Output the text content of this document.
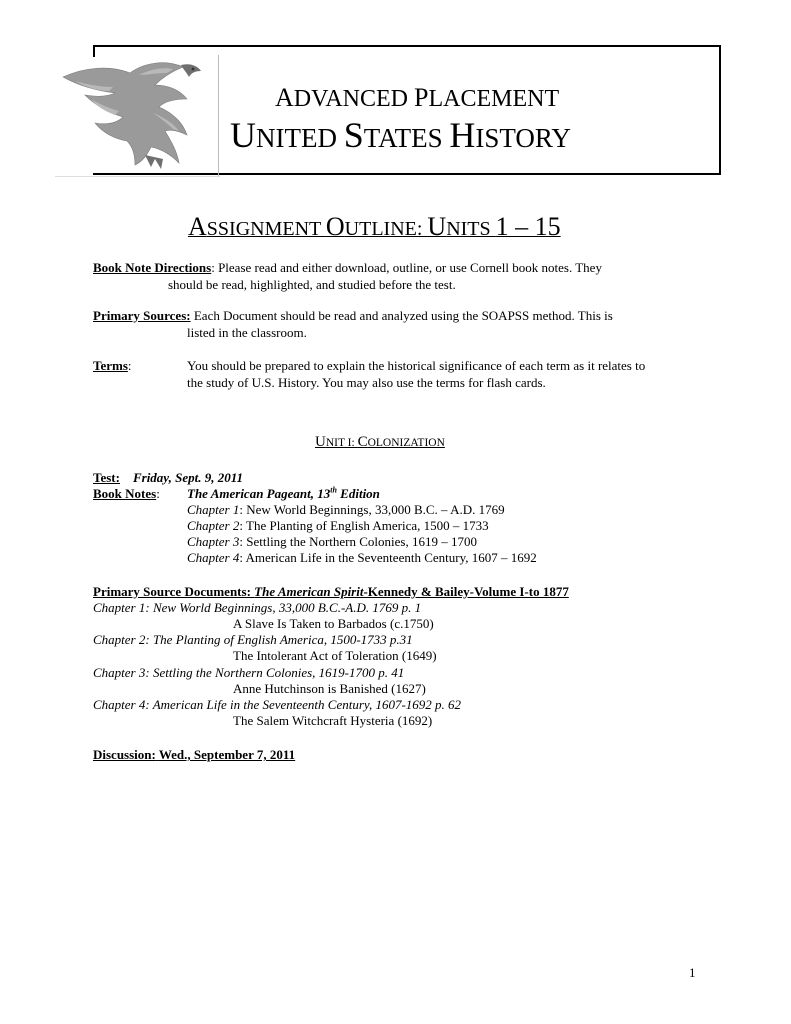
ADVANCED PLACEMENT
UNITED STATES HISTORY
ASSIGNMENT OUTLINE: UNITS 1 – 15
Book Note Directions: Please read and either download, outline, or use Cornell book notes. They
should be read, highlighted, and studied before the test.
Primary Sources: Each Document should be read and analyzed using the SOAPSS method. This is
listed in the classroom.
Terms:	You should be prepared to explain the historical significance of each term as it relates to
the study of U.S. History. You may also use the terms for flash cards.
UNIT I: COLONIZATION
Test: Friday, Sept. 9, 2011
Book Notes: The American Pageant, 13th Edition
Chapter 1: New World Beginnings, 33,000 B.C. – A.D. 1769
Chapter 2: The Planting of English America, 1500 – 1733
Chapter 3: Settling the Northern Colonies, 1619 – 1700
Chapter 4: American Life in the Seventeenth Century, 1607 – 1692
Primary Source Documents: The American Spirit-Kennedy & Bailey-Volume I-to 1877
Chapter 1: New World Beginnings, 33,000 B.C.-A.D. 1769 p. 1
A Slave Is Taken to Barbados (c.1750)
Chapter 2: The Planting of English America, 1500-1733 p.31
The Intolerant Act of Toleration (1649)
Chapter 3: Settling the Northern Colonies, 1619-1700 p. 41
Anne Hutchinson is Banished (1627)
Chapter 4: American Life in the Seventeenth Century, 1607-1692 p. 62
The Salem Witchcraft Hysteria (1692)
Discussion: Wed., September 7, 2011
1
